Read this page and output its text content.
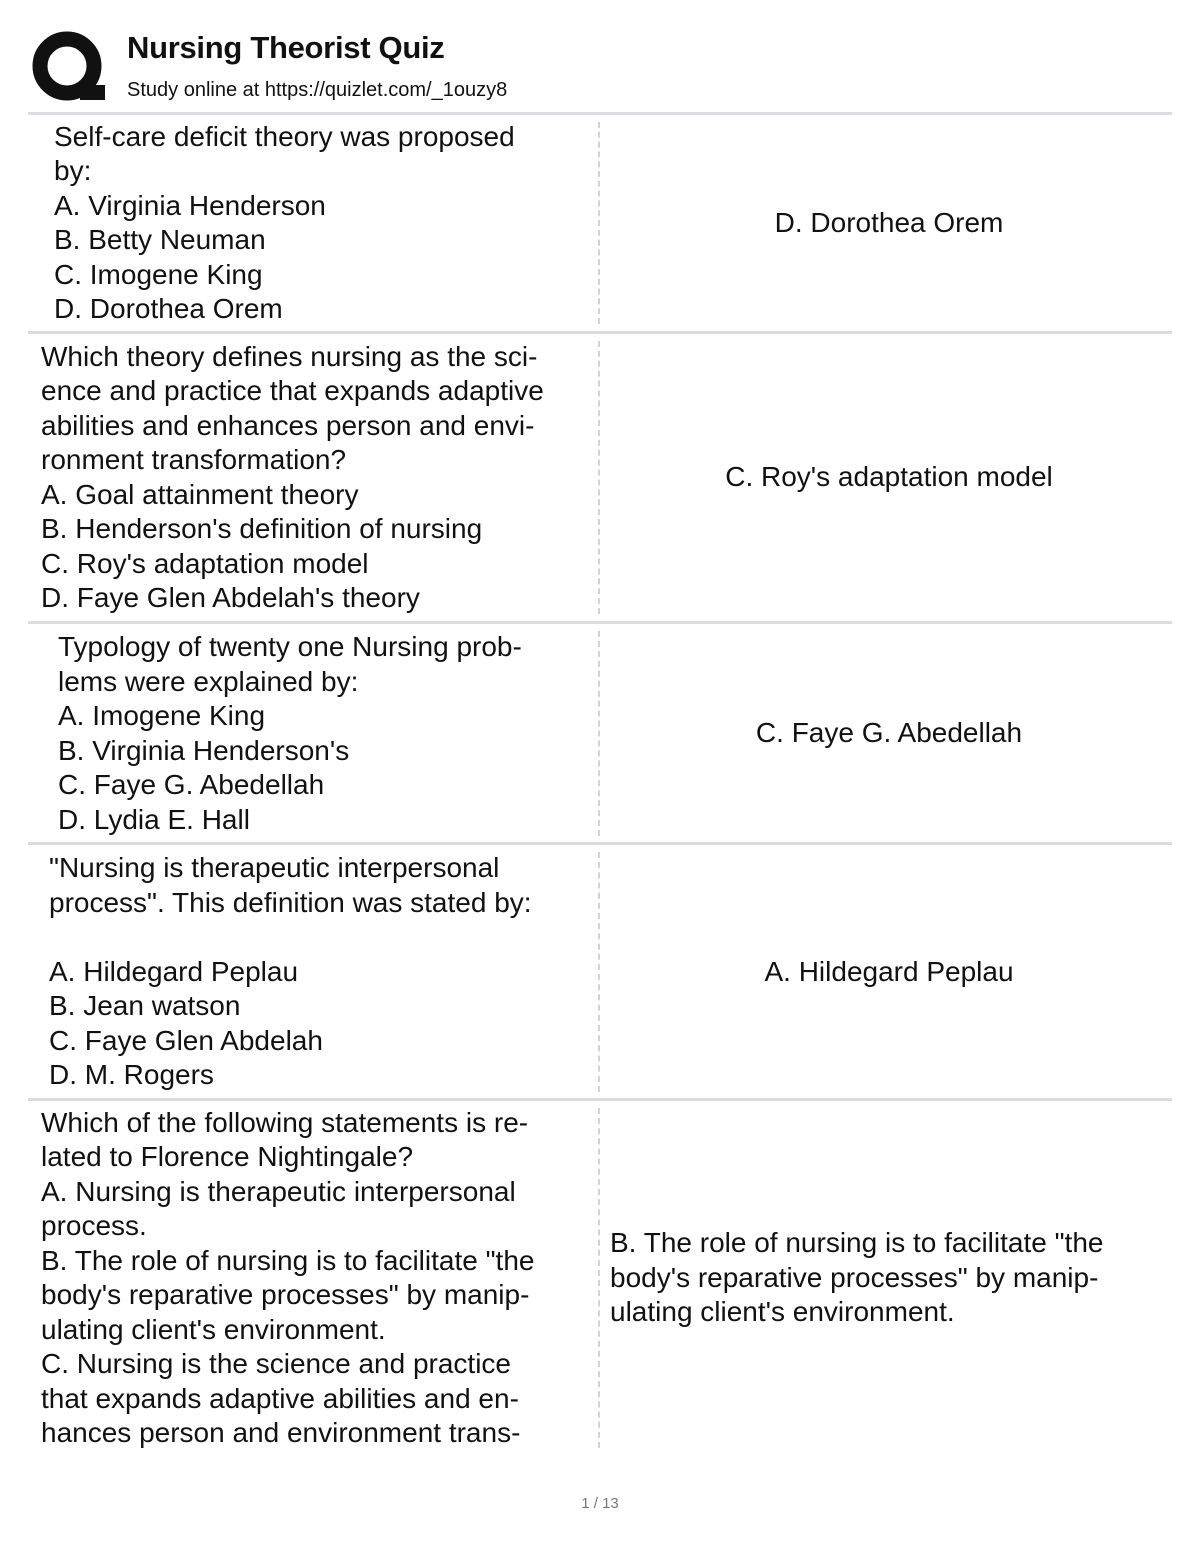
Nursing Theorist Quiz
Study online at https://quizlet.com/_1ouzy8
Self-care deficit theory was proposed
by:
A. Virginia Henderson
B. Betty Neuman
C. Imogene King
D. Dorothea Orem
D. Dorothea Orem
Which theory defines nursing as the sci-
ence and practice that expands adaptive
abilities and enhances person and envi-
ronment transformation?
A. Goal attainment theory
B. Henderson's definition of nursing
C. Roy's adaptation model
D. Faye Glen Abdelah's theory
C. Roy's adaptation model
Typology of twenty one Nursing prob-
lems were explained by:
A. Imogene King
B. Virginia Henderson's
C. Faye G. Abedellah
D. Lydia E. Hall
C. Faye G. Abedellah
"Nursing is therapeutic interpersonal
process". This definition was stated by:

A. Hildegard Peplau
B. Jean watson
C. Faye Glen Abdelah
D. M. Rogers
A. Hildegard Peplau
Which of the following statements is re-
lated to Florence Nightingale?
A. Nursing is therapeutic interpersonal
process.
B. The role of nursing is to facilitate "the
body's reparative processes" by manip-
ulating client's environment.
C. Nursing is the science and practice
that expands adaptive abilities and en-
hances person and environment trans-
B. The role of nursing is to facilitate "the body's reparative processes" by manip-ulating client's environment.
1 / 13
